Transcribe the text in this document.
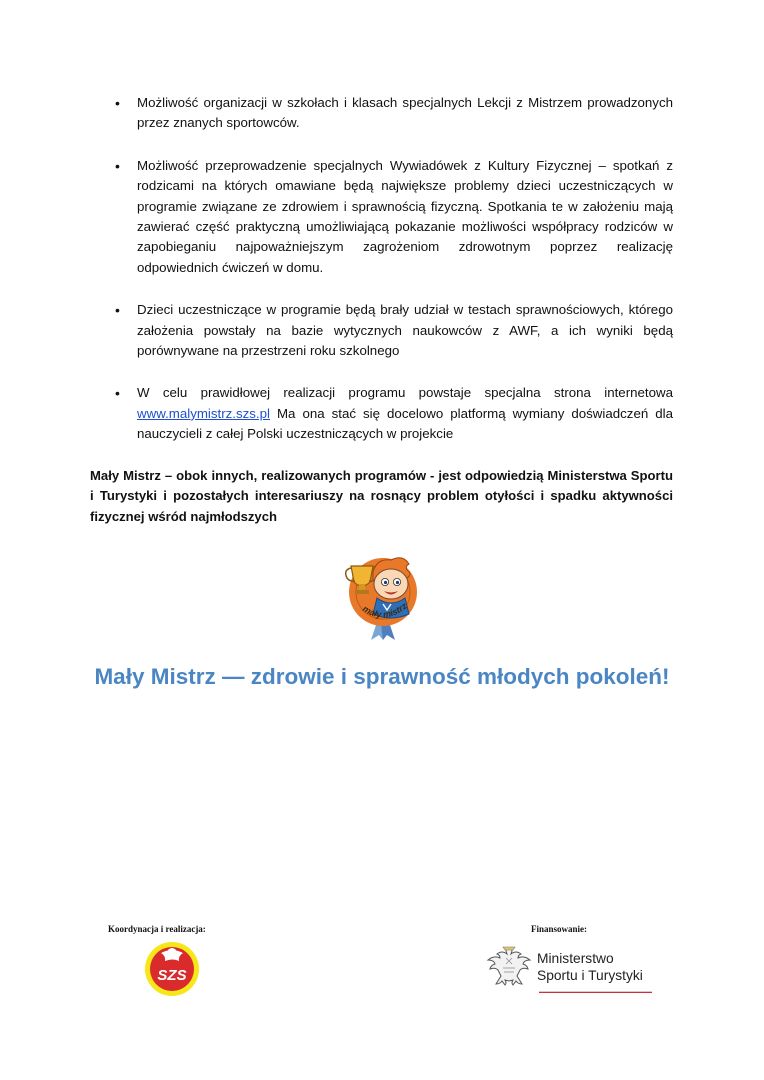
• Możliwość organizacji w szkołach i klasach specjalnych Lekcji z Mistrzem prowadzonych przez znanych sportowców.
• Możliwość przeprowadzenie specjalnych Wywiadówek z Kultury Fizycznej – spotkań z rodzicami na których omawiane będą największe problemy dzieci uczestniczących w programie związane ze zdrowiem i sprawnością fizyczną. Spotkania te w założeniu mają zawierać część praktyczną umożliwiającą pokazanie możliwości współpracy rodziców w zapobieganiu najpoważniejszym zagrożeniom zdrowotnym poprzez realizację odpowiednich ćwiczeń w domu.
• Dzieci uczestniczące w programie będą brały udział w testach sprawnościowych, którego założenia powstały na bazie wytycznych naukowców z AWF, a ich wyniki będą porównywane na przestrzeni roku szkolnego
• W celu prawidłowej realizacji programu powstaje specjalna strona internetowa www.malymistrz.szs.pl Ma ona stać się docelowo platformą wymiany doświadczeń dla nauczycieli z całej Polski uczestniczących w projekcie

Mały Mistrz – obok innych, realizowanych programów - jest odpowiedzią Ministerstwa Sportu i Turystyki i pozostałych interesariuszy na rosnący problem otyłości i spadku aktywności fizycznej wśród najmłodszych

mały mistrz

Mały Mistrz — zdrowie i sprawność młodych pokoleń!

Koordynacja i realizacja:	Finansowanie:

SZS
Ministerstwo
Sportu i Turystyki
